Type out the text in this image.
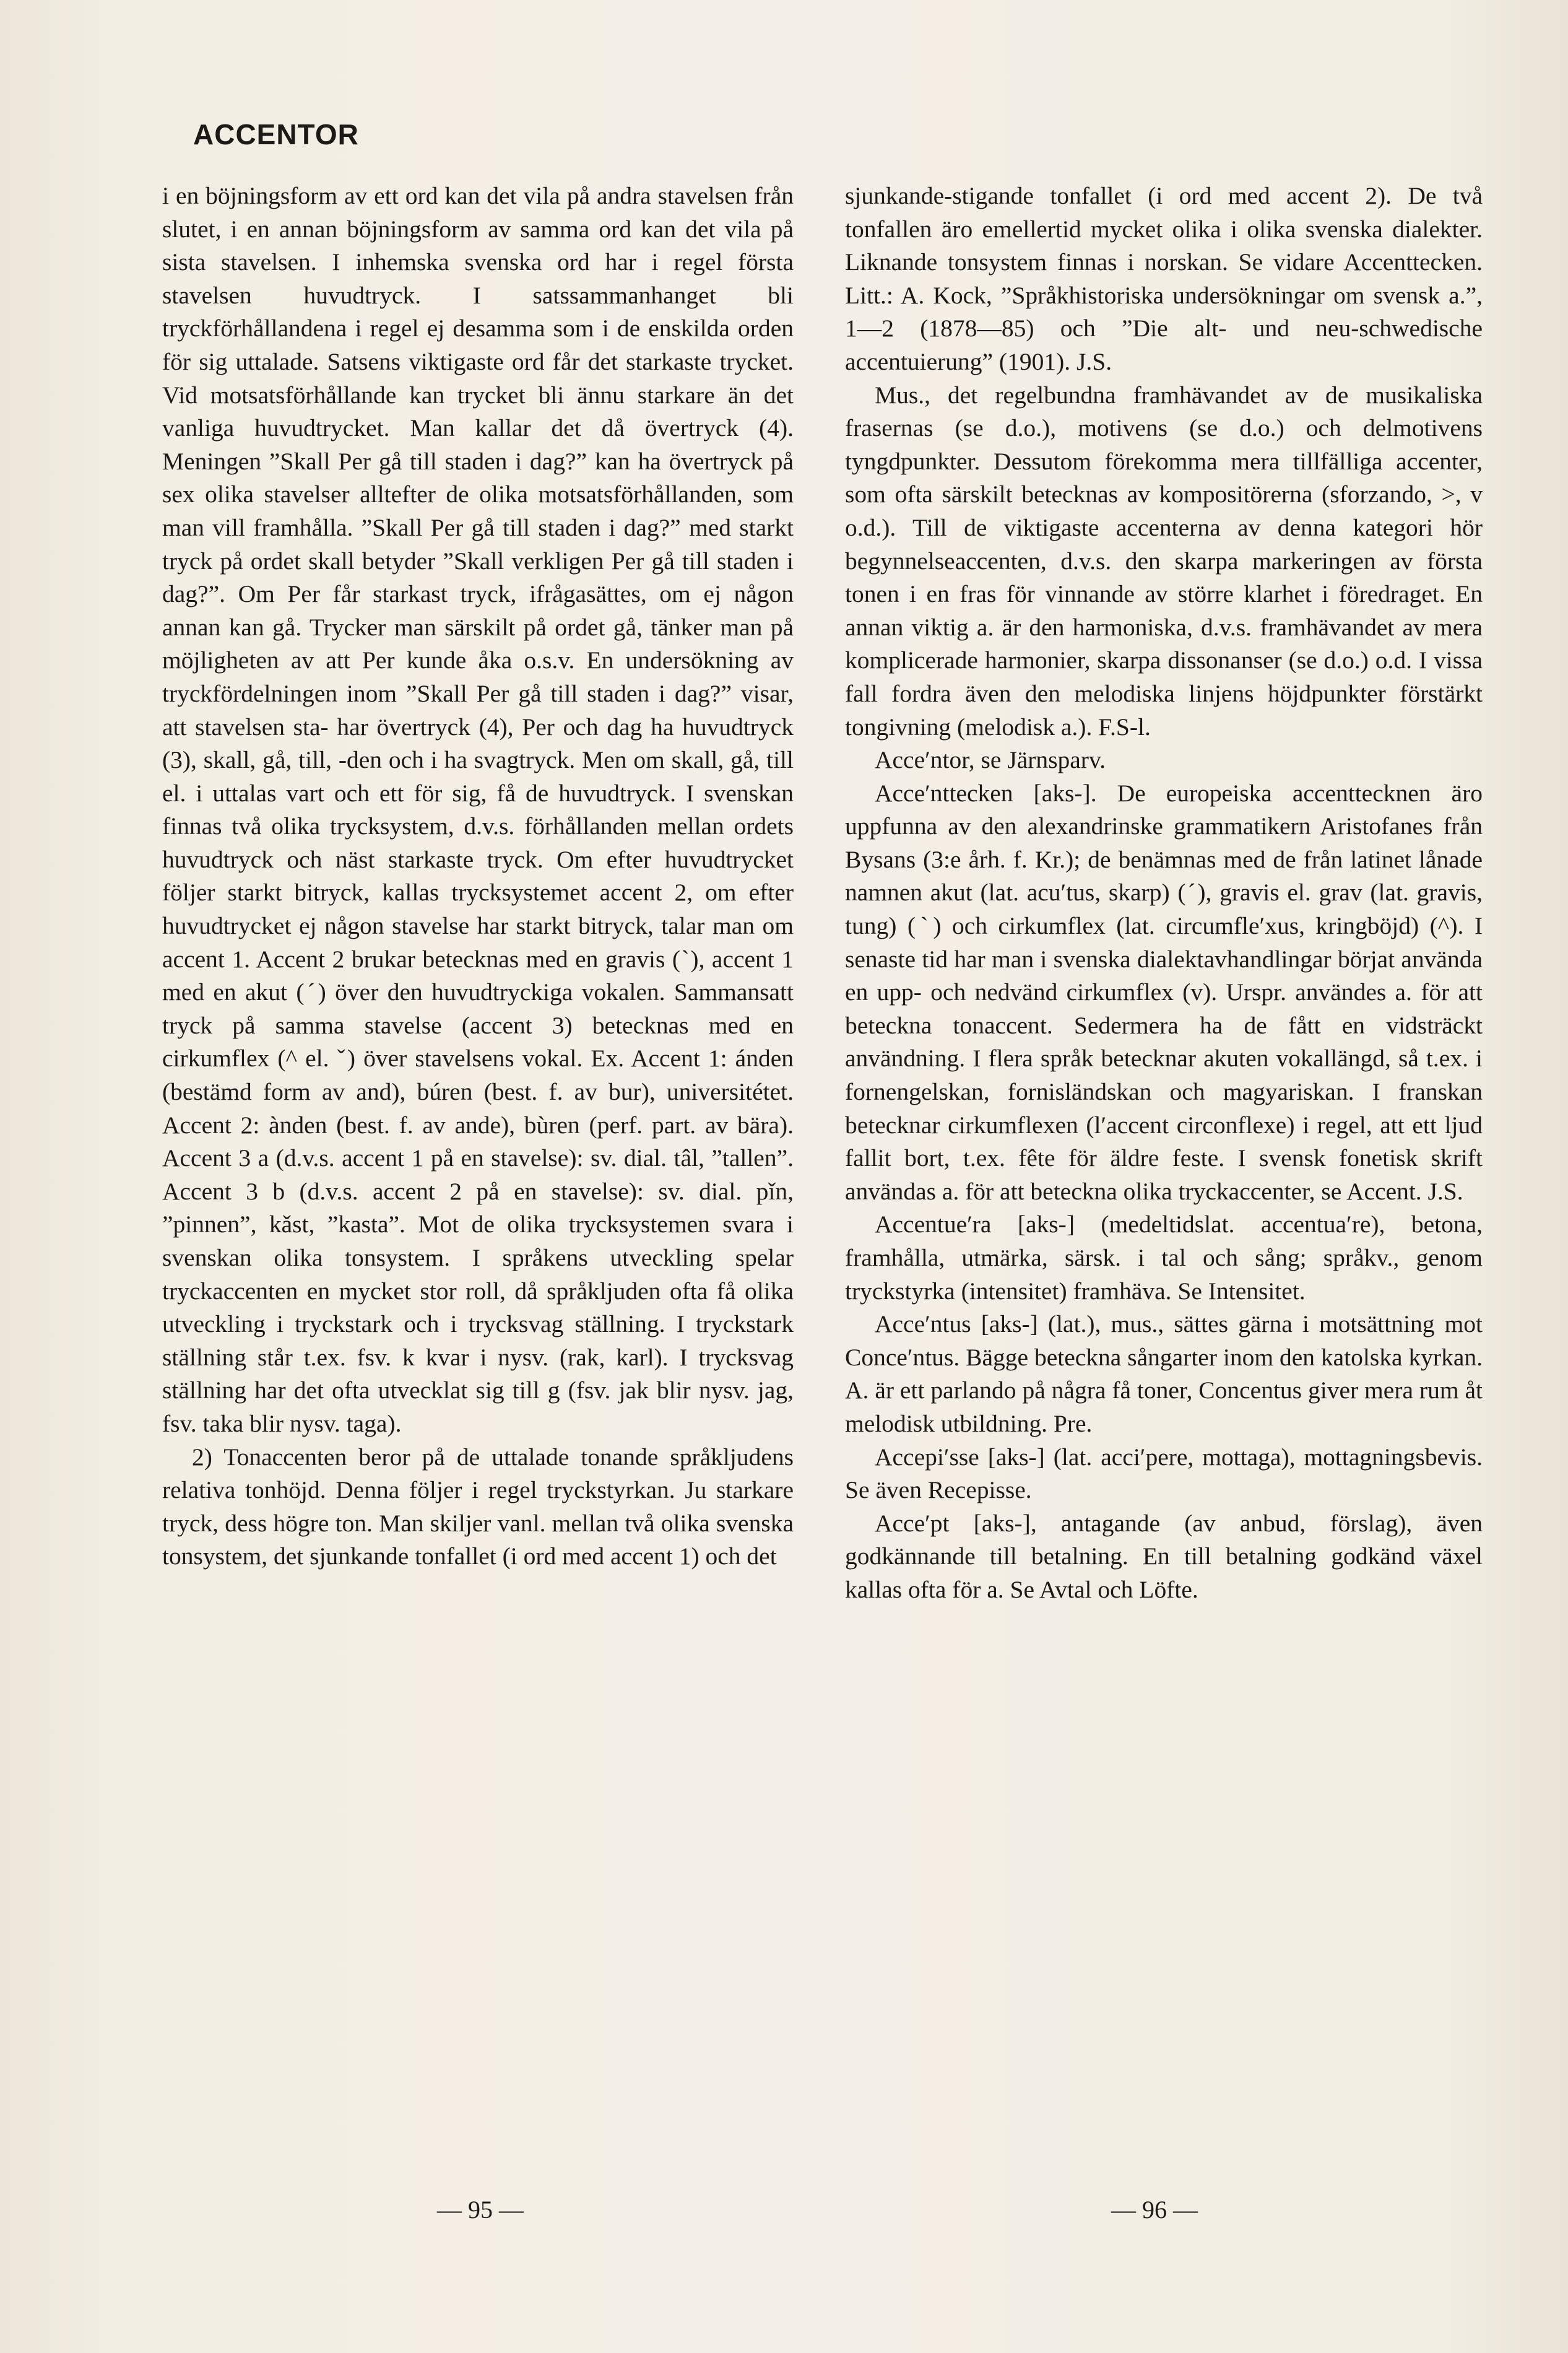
ACCENTOR

i en böjningsform av ett ord kan det vila på andra stavelsen från slutet, i en annan böjningsform av samma ord kan det vila på sista stavelsen. I inhemska svenska ord har i regel första stavelsen huvudtryck. I satssammanhanget bli tryckförhållandena i regel ej desamma som i de enskilda orden för sig uttalade. Satsens viktigaste ord får det starkaste trycket. Vid motsatsförhållande kan trycket bli ännu starkare än det vanliga huvudtrycket. Man kallar det då övertryck (4). Meningen ”Skall Per gå till staden i dag?” kan ha övertryck på sex olika stavelser alltefter de olika motsatsförhållanden, som man vill framhålla. ”Skall Per gå till staden i dag?” med starkt tryck på ordet skall betyder ”Skall verkligen Per gå till staden i dag?”. Om Per får starkast tryck, ifrågasättes, om ej någon annan kan gå. Trycker man särskilt på ordet gå, tänker man på möjligheten av att Per kunde åka o.s.v. En undersökning av tryckfördelningen inom ”Skall Per gå till staden i dag?” visar, att stavelsen sta- har övertryck (4), Per och dag ha huvudtryck (3), skall, gå, till, -den och i ha svagtryck. Men om skall, gå, till el. i uttalas vart och ett för sig, få de huvudtryck. I svenskan finnas två olika trycksystem, d.v.s. förhållanden mellan ordets huvudtryck och näst starkaste tryck. Om efter huvudtrycket följer starkt bitryck, kallas trycksystemet accent 2, om efter huvudtrycket ej någon stavelse har starkt bitryck, talar man om accent 1. Accent 2 brukar betecknas med en gravis (ˋ), accent 1 med en akut (ˊ) över den huvudtryckiga vokalen. Sammansatt tryck på samma stavelse (accent 3) betecknas med en cirkumflex (^ el. ˇ) över stavelsens vokal. Ex. Accent 1: ánden (bestämd form av and), búren (best. f. av bur), universitétet. Accent 2: ànden (best. f. av ande), bùren (perf. part. av bära). Accent 3 a (d.v.s. accent 1 på en stavelse): sv. dial. tâl, ”tallen”. Accent 3 b (d.v.s. accent 2 på en stavelse): sv. dial. pǐn, ”pinnen”, kǎst, ”kasta”. Mot de olika trycksystemen svara i svenskan olika tonsystem. I språkens utveckling spelar tryckaccenten en mycket stor roll, då språkljuden ofta få olika utveckling i tryckstark och i trycksvag ställning. I tryckstark ställning står t.ex. fsv. k kvar i nysv. (rak, karl). I trycksvag ställning har det ofta utvecklat sig till g (fsv. jak blir nysv. jag, fsv. taka blir nysv. taga).

2) Tonaccenten beror på de uttalade tonande språkljudens relativa tonhöjd. Denna följer i regel tryckstyrkan. Ju starkare tryck, dess högre ton. Man skiljer vanl. mellan två olika svenska tonsystem, det sjunkande tonfallet (i ord med accent 1) och det

sjunkande-stigande tonfallet (i ord med accent 2). De två tonfallen äro emellertid mycket olika i olika svenska dialekter. Liknande tonsystem finnas i norskan. Se vidare Accenttecken. Litt.: A. Kock, ”Språkhistoriska undersökningar om svensk a.”, 1—2 (1878—85) och ”Die alt- und neu-schwedische accentuierung” (1901). J.S.

Mus., det regelbundna framhävandet av de musikaliska frasernas (se d.o.), motivens (se d.o.) och delmotivens tyngdpunkter. Dessutom förekomma mera tillfälliga accenter, som ofta särskilt betecknas av kompositörerna (sforzando, >, v o.d.). Till de viktigaste accenterna av denna kategori hör begynnelseaccenten, d.v.s. den skarpa markeringen av första tonen i en fras för vinnande av större klarhet i föredraget. En annan viktig a. är den harmoniska, d.v.s. framhävandet av mera komplicerade harmonier, skarpa dissonanser (se d.o.) o.d. I vissa fall fordra även den melodiska linjens höjdpunkter förstärkt tongivning (melodisk a.). F.S-l.

Acce′ntor, se Järnsparv.

Acce′nttecken [aks-]. De europeiska accenttecknen äro uppfunna av den alexandrinske grammatikern Aristofanes från Bysans (3:e årh. f. Kr.); de benämnas med de från latinet lånade namnen akut (lat. acu′tus, skarp) (ˊ), gravis el. grav (lat. gravis, tung) (ˋ) och cirkumflex (lat. circumfle′xus, kringböjd) (^). I senaste tid har man i svenska dialektavhandlingar börjat använda en upp- och nedvänd cirkumflex (v). Urspr. användes a. för att beteckna tonaccent. Sedermera ha de fått en vidsträckt användning. I flera språk betecknar akuten vokallängd, så t.ex. i fornengelskan, fornisländskan och magyariskan. I franskan betecknar cirkumflexen (l′accent circonflexe) i regel, att ett ljud fallit bort, t.ex. fête för äldre feste. I svensk fonetisk skrift användas a. för att beteckna olika tryckaccenter, se Accent. J.S.

Accentue′ra [aks-] (medeltidslat. accentua′re), betona, framhålla, utmärka, särsk. i tal och sång; språkv., genom tryckstyrka (intensitet) framhäva. Se Intensitet.

Acce′ntus [aks-] (lat.), mus., sättes gärna i motsättning mot Conce′ntus. Bägge beteckna sångarter inom den katolska kyrkan. A. är ett parlando på några få toner, Concentus giver mera rum åt melodisk utbildning. Pre.

Accepi′sse [aks-] (lat. acci′pere, mottaga), mottagningsbevis. Se även Recepisse.

Acce′pt [aks-], antagande (av anbud, förslag), även godkännande till betalning. En till betalning godkänd växel kallas ofta för a. Se Avtal och Löfte.

— 95 —	— 96 —
